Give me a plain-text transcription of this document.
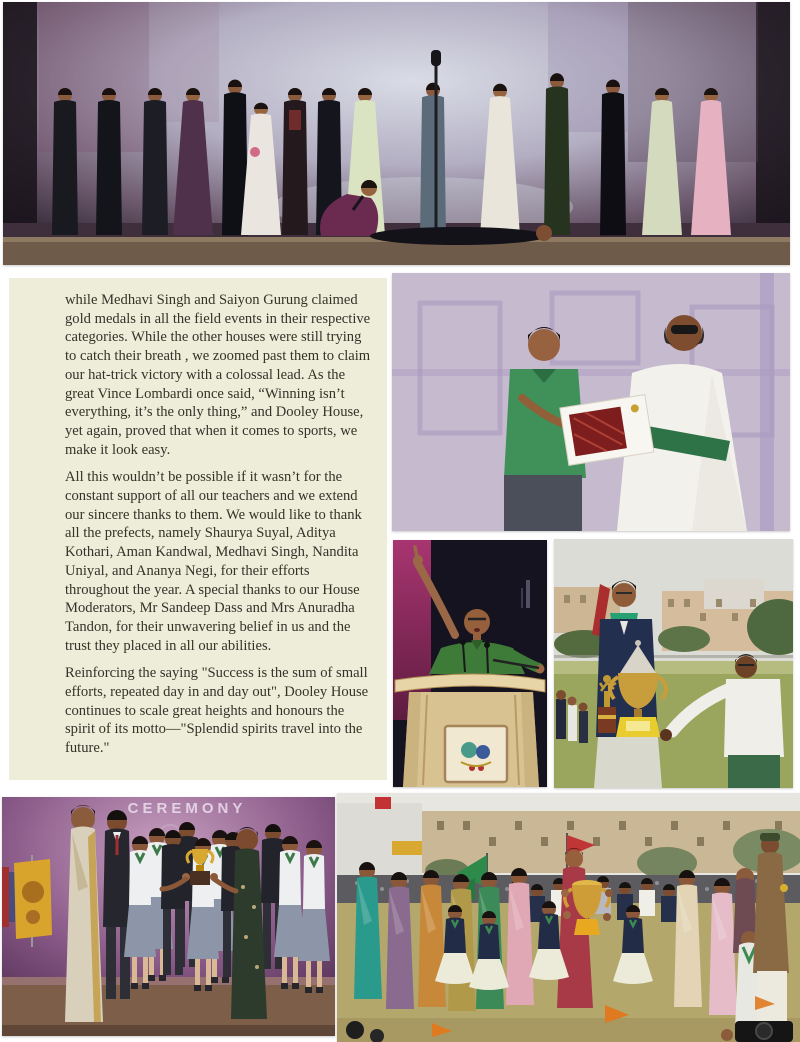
while Medhavi Singh and Saiyon Gurung claimed gold medals in all the field events in their respective categories. While the other houses were still trying to catch their breath , we zoomed past them to claim our hat-trick victory with a colossal lead. As the great Vince Lombardi once said, “Winning isn’t everything, it’s the only thing,” and Dooley House, yet again, proved that when it comes to sports, we make it look easy.

All this wouldn’t be possible if it wasn’t for the constant support of all our teachers and we extend our sincere thanks to them. We would like to thank all the prefects, namely Shaurya Suyal, Aditya Kothari, Aman Kandwal, Medhavi Singh, Nandita Uniyal, and Ananya Negi, for their efforts throughout the year. A special thanks to our House Moderators, Mr Sandeep Dass and Mrs Anuradha Tandon, for their unwavering belief in us and the trust they placed in all our abilities.

Reinforcing the saying "Success is the sum of small efforts, repeated day in and day out", Dooley House continues to scale great heights and honours the spirit of its motto—"Splendid spirits travel into the future."

CEREMONY
